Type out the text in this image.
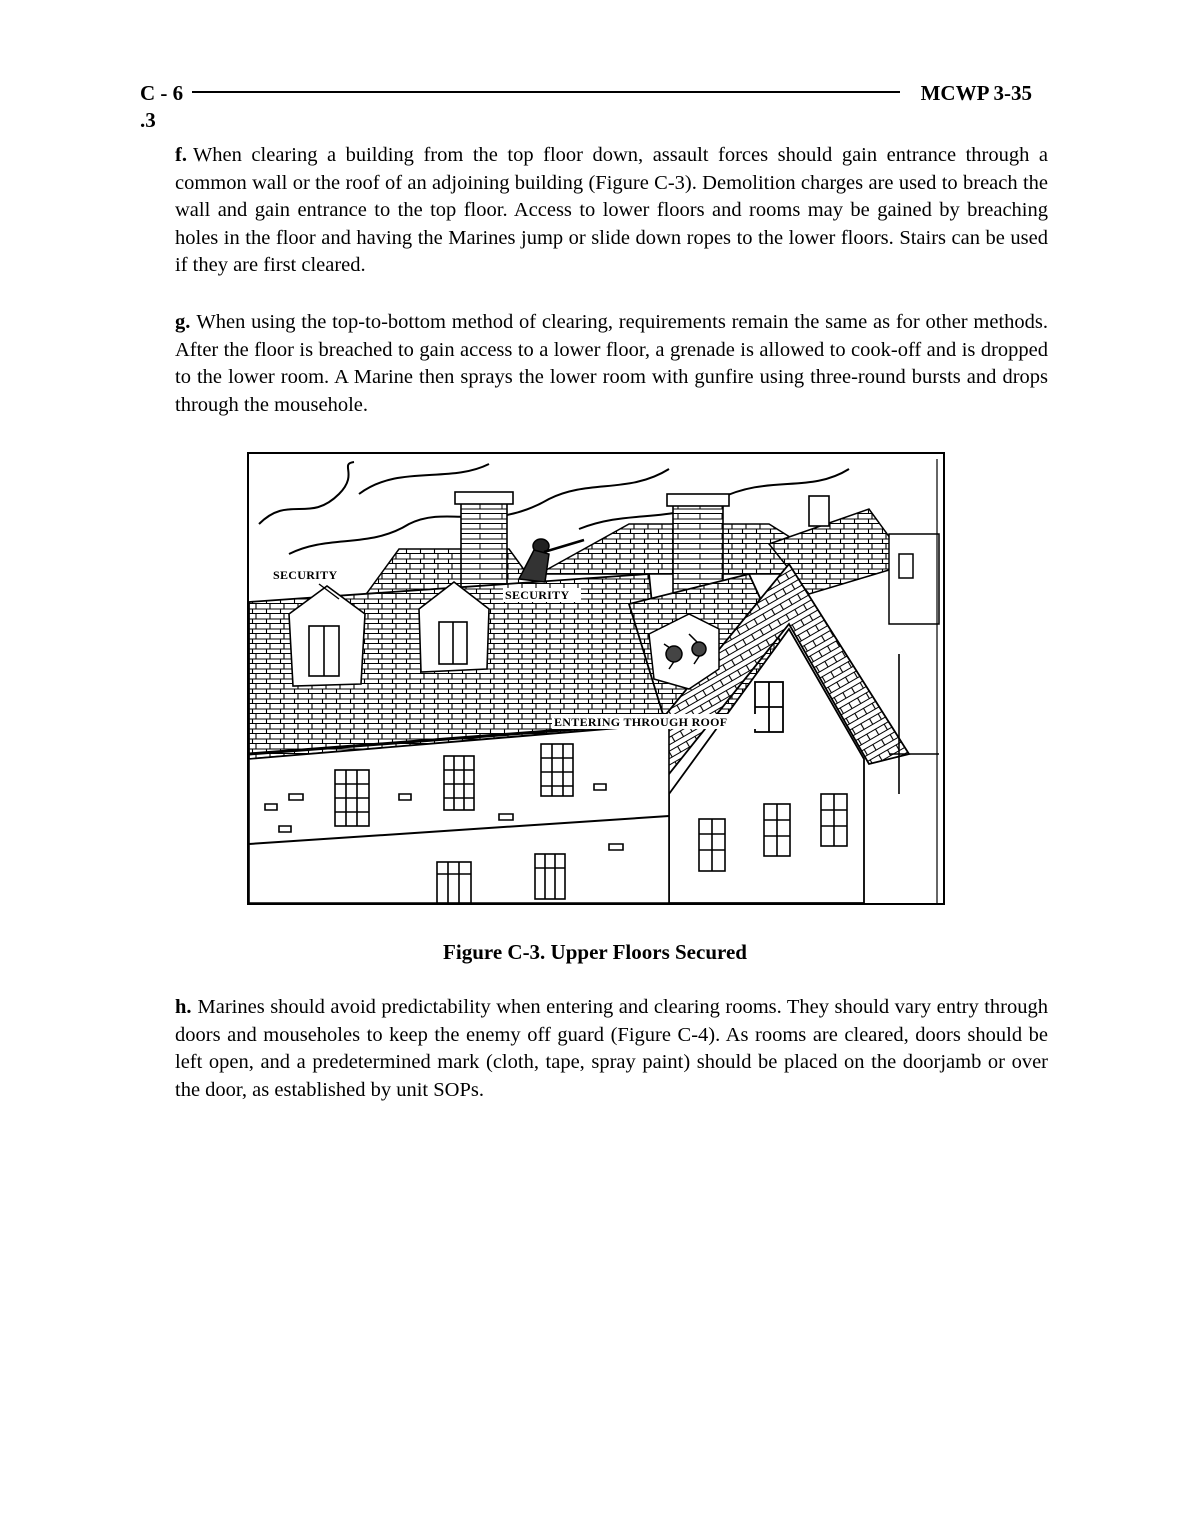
C - 6	MCWP 3-35
.3

f. When clearing a building from the top floor down, assault forces should gain entrance through a common wall or the roof of an adjoining building (Figure C-3). Demolition charges are used to breach the wall and gain entrance to the top floor. Access to lower floors and rooms may be gained by breaching holes in the floor and having the Marines jump or slide down ropes to the lower floors. Stairs can be used if they are first cleared.

g. When using the top-to-bottom method of clearing, requirements remain the same as for other methods. After the floor is breached to gain access to a lower floor, a grenade is allowed to cook-off and is dropped to the lower room. A Marine then sprays the lower room with gunfire using three-round bursts and drops through the mousehole.

SECURITY
SECURITY
ENTERING THROUGH ROOF
Figure C-3. Upper Floors Secured

h. Marines should avoid predictability when entering and clearing rooms. They should vary entry through doors and mouseholes to keep the enemy off guard (Figure C-4). As rooms are cleared, doors should be left open, and a predetermined mark (cloth, tape, spray paint) should be placed on the doorjamb or over the door, as established by unit SOPs.
